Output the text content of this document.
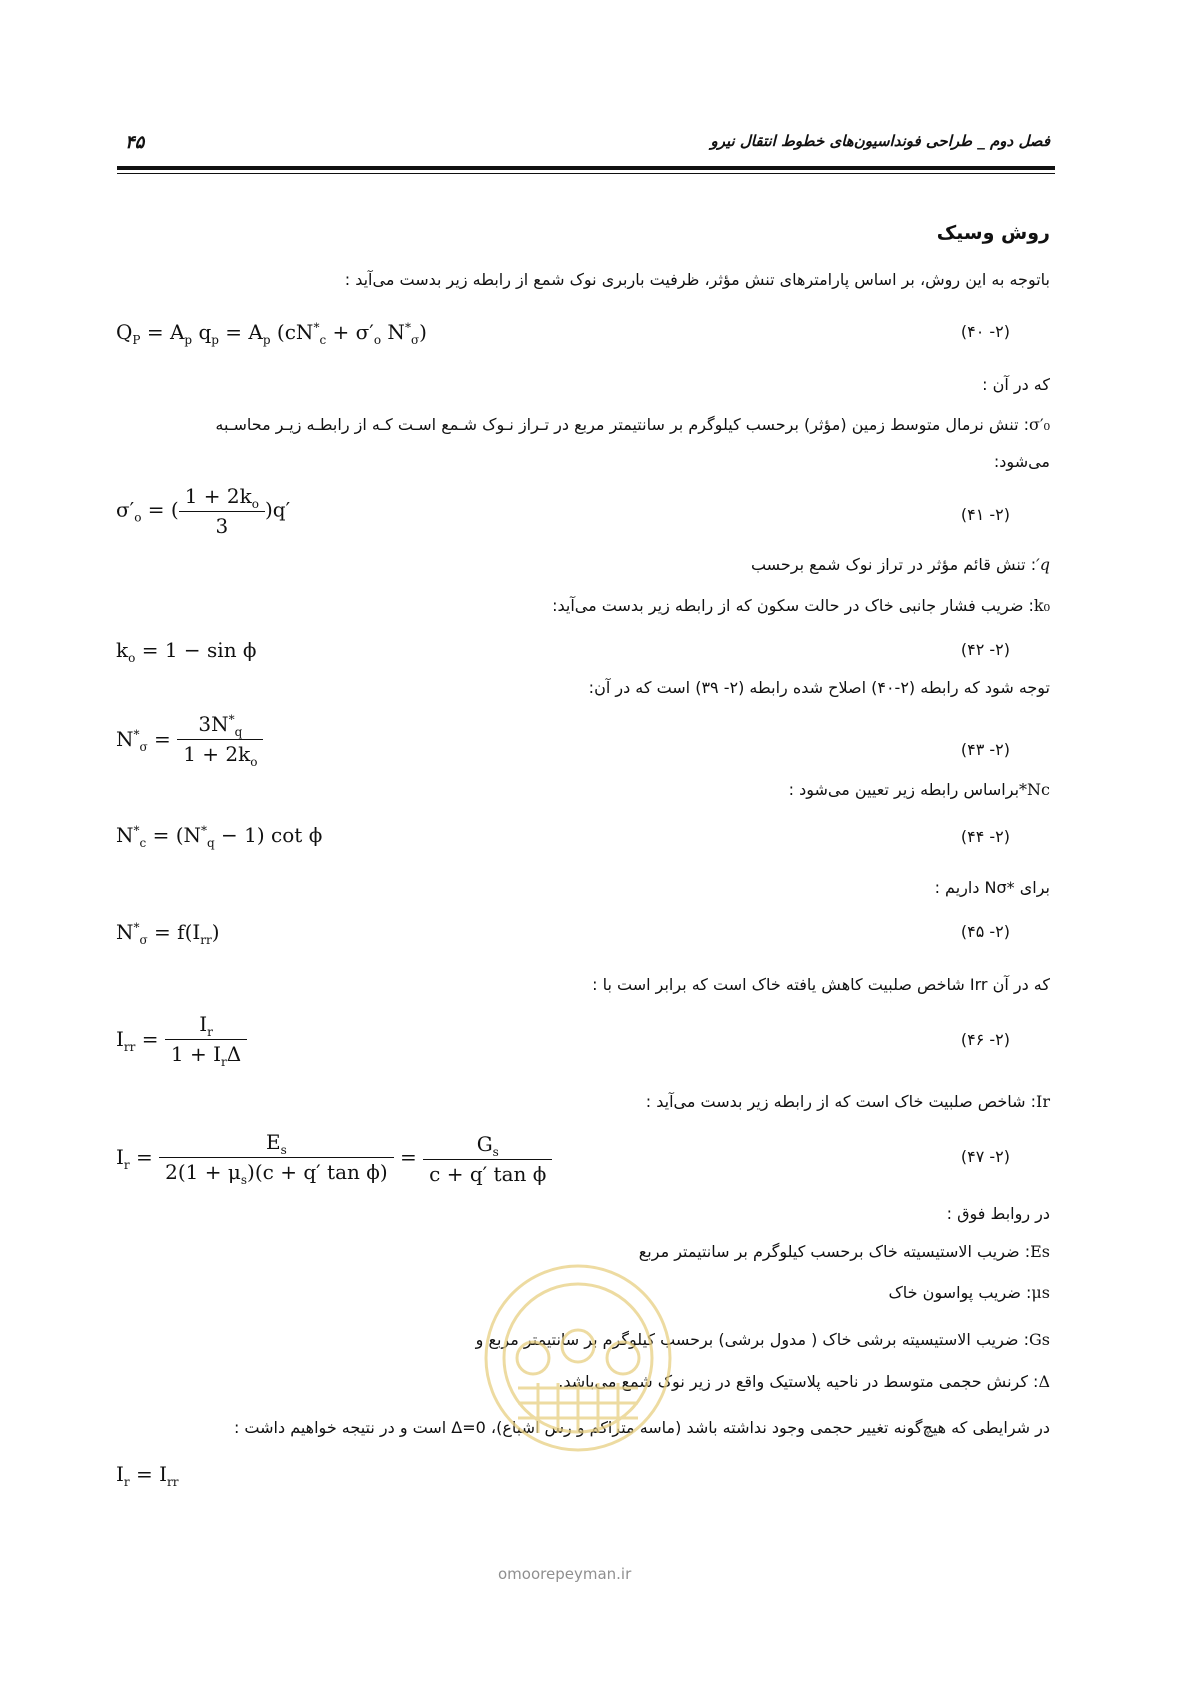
فصل دوم _ طراحی فونداسیون‌های خطوط انتقال نیرو
۴۵
روش وسیک
باتوجه به این روش، بر اساس پارامترهای تنش مؤثر، ظرفیت باربری نوک شمع از رابطه زیر بدست می‌آید :
$Q_P = A_p$ $q_p = A_p$ ($cN^*_c + \sigma'_o$ $N^*_\sigma$)	(۲- ۴۰)
که در آن :
σ′₀: تنش نرمال متوسط زمین (مؤثر) برحسب کیلوگرم بر سانتیمتر مربع در تـراز نـوک شـمع اسـت کـه از رابطـه زیـر محاسـبه
می‌شود:
$\sigma'_o$ = ( $\frac{1 + 2k_o}{3} )q'$	(۲- ۴۱)
q′: تنش قائم مؤثر در تراز نوک شمع برحسب
k₀: ضریب فشار جانبی خاک در حالت سکون که از رابطه زیر بدست می‌آید:
$k_o = 1 - \sin \phi$	(۲- ۴۲)
توجه شود که رابطه (۲-۴۰) اصلاح شده رابطه (۲- ۳۹) است که در آن:
$N^*_\sigma = \frac{3N^*_q}{1 + 2k_o}$	(۲- ۴۳)
Nc*براساس رابطه زیر تعیین می‌شود :
$N^*_c = (N^*_q - 1)$ cot ϕ	(۲- ۴۴)
برای *Nσ داریم :
$N^*_\sigma = f(I_{rr})$	(۲- ۴۵)
که در آن Irr شاخص صلبیت کاهش یافته خاک است که برابر است با :
$I_{rr} = \frac{I_r}{1 + I_r\Delta}$	(۲- ۴۶)
Ir: شاخص صلبیت خاک است که از رابطه زیر بدست می‌آید :
$I_r = \frac{E_s}{2(1 + \mu_s)(c + q' \tan \phi)} = \frac{G_s}{\text{c + q′ tan ϕ}}$	(۲- ۴۷)
در روابط فوق :
Es: ضریب الاستیسیته خاک برحسب کیلوگرم بر سانتیمتر مربع
μs: ضریب پواسون خاک
Gs: ضریب الاستیسیته برشی خاک ( مدول برشی) برحسب کیلوگرم بر سانتیمتر مربع و
Δ: کرنش حجمی متوسط در ناحیه پلاستیک واقع در زیر نوک شمع می‌باشد.
در شرایطی که هیچ‌گونه تغییر حجمی وجود نداشته باشد (ماسه متراکم و رس اشباع)، Δ=0 است و در نتیجه خواهیم داشت :
$I_r = I_{rr}$
omoorepeyman.ir
